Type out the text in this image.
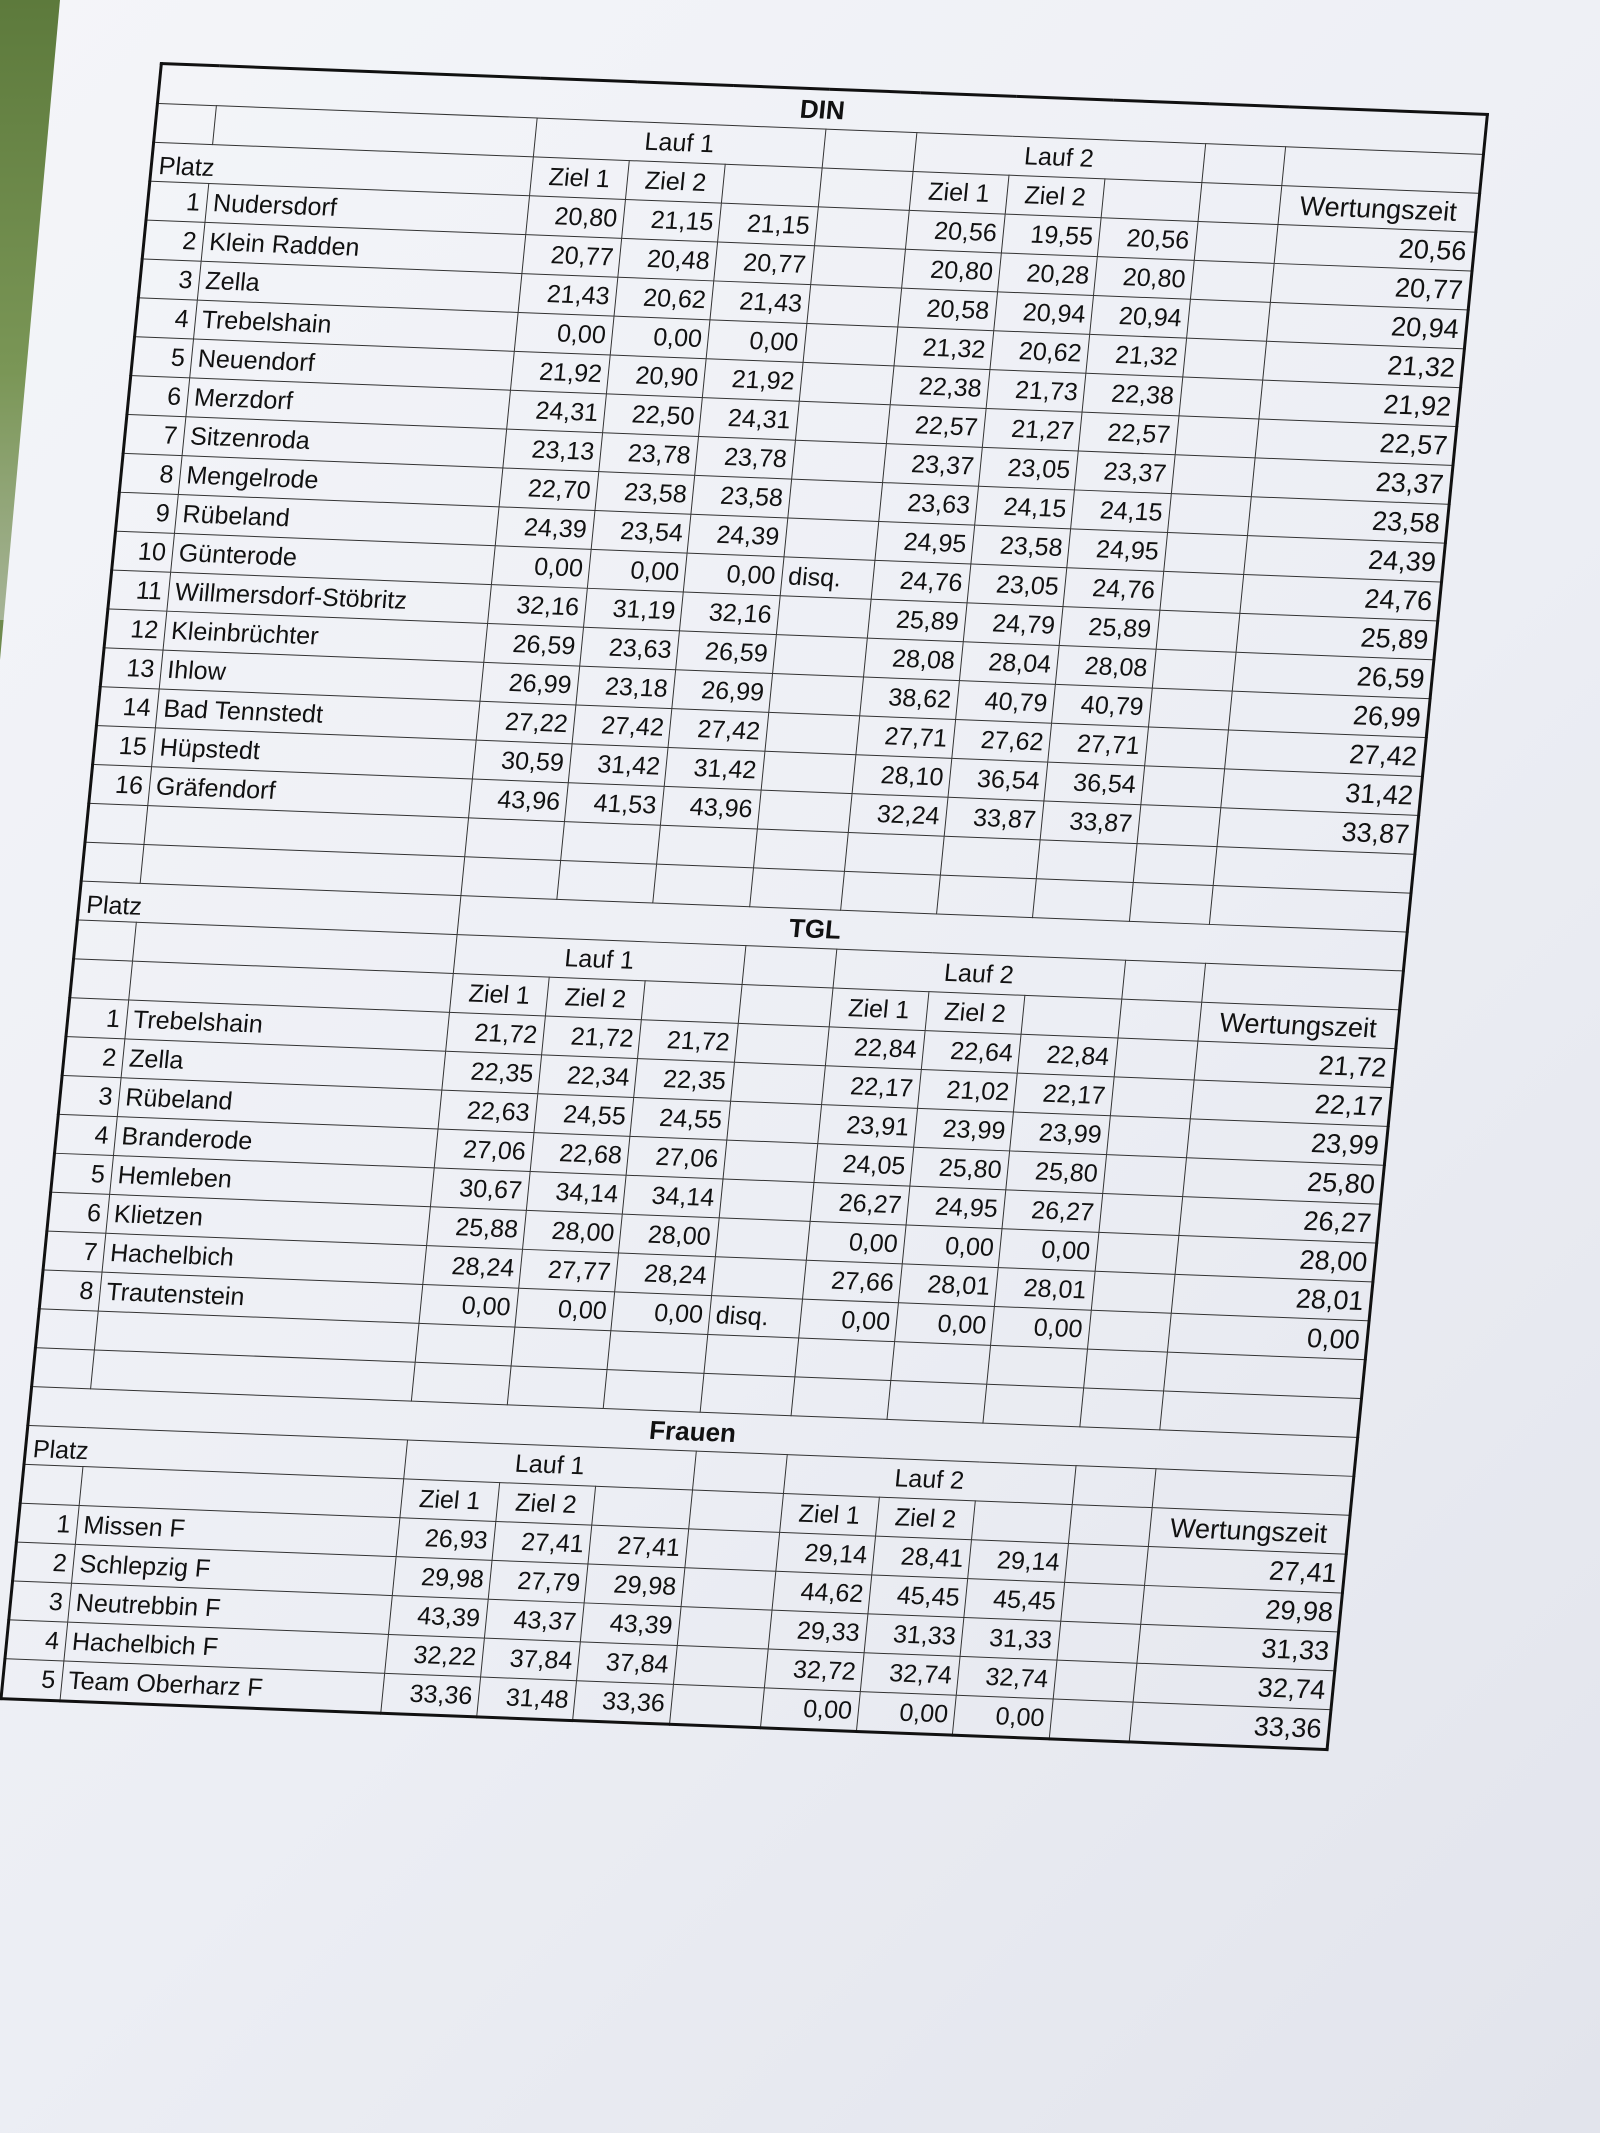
DIN										
		Lauf 1				Lauf 2				
Platz		Ziel 1	Ziel 2			Ziel 1	Ziel 2			Wertungszeit
1	Nudersdorf	20,80	21,15	21,15		20,56	19,55	20,56		20,56
2	Klein Radden	20,77	20,48	20,77		20,80	20,28	20,80		20,77
3	Zella	21,43	20,62	21,43		20,58	20,94	20,94		20,94
4	Trebelshain	0,00	0,00	0,00		21,32	20,62	21,32		21,32
5	Neuendorf	21,92	20,90	21,92		22,38	21,73	22,38		21,92
6	Merzdorf	24,31	22,50	24,31		22,57	21,27	22,57		22,57
7	Sitzenroda	23,13	23,78	23,78		23,37	23,05	23,37		23,37
8	Mengelrode	22,70	23,58	23,58		23,63	24,15	24,15		23,58
9	Rübeland	24,39	23,54	24,39		24,95	23,58	24,95		24,39
10	Günterode	0,00	0,00	0,00	disq.	24,76	23,05	24,76		24,76
11	Willmersdorf-Stöbritz	32,16	31,19	32,16		25,89	24,79	25,89		25,89
12	Kleinbrüchter	26,59	23,63	26,59		28,08	28,04	28,08		26,59
13	Ihlow	26,99	23,18	26,99		38,62	40,79	40,79		26,99
14	Bad Tennstedt	27,22	27,42	27,42		27,71	27,62	27,71		27,42
15	Hüpstedt	30,59	31,42	31,42		28,10	36,54	36,54		31,42
16	Gräfendorf	43,96	41,53	43,96		32,24	33,87	33,87		33,87

Platz		TGL								
		Lauf 1				Lauf 2				
		Ziel 1	Ziel 2			Ziel 1	Ziel 2			Wertungszeit
1	Trebelshain	21,72	21,72	21,72		22,84	22,64	22,84		21,72
2	Zella	22,35	22,34	22,35		22,17	21,02	22,17		22,17
3	Rübeland	22,63	24,55	24,55		23,91	23,99	23,99		23,99
4	Branderode	27,06	22,68	27,06		24,05	25,80	25,80		25,80
5	Hemleben	30,67	34,14	34,14		26,27	24,95	26,27		26,27
6	Klietzen	25,88	28,00	28,00		0,00	0,00	0,00		28,00
7	Hachelbich	28,24	27,77	28,24		27,66	28,01	28,01		28,01
8	Trautenstein	0,00	0,00	0,00	disq.	0,00	0,00	0,00		0,00

Frauen										
Platz		Lauf 1				Lauf 2				
		Ziel 1	Ziel 2			Ziel 1	Ziel 2			Wertungszeit
1	Missen F	26,93	27,41	27,41		29,14	28,41	29,14		27,41
2	Schlepzig F	29,98	27,79	29,98		44,62	45,45	45,45		29,98
3	Neutrebbin F	43,39	43,37	43,39		29,33	31,33	31,33		31,33
4	Hachelbich F	32,22	37,84	37,84		32,72	32,74	32,74		32,74
5	Team Oberharz F	33,36	31,48	33,36		0,00	0,00	0,00		33,36
